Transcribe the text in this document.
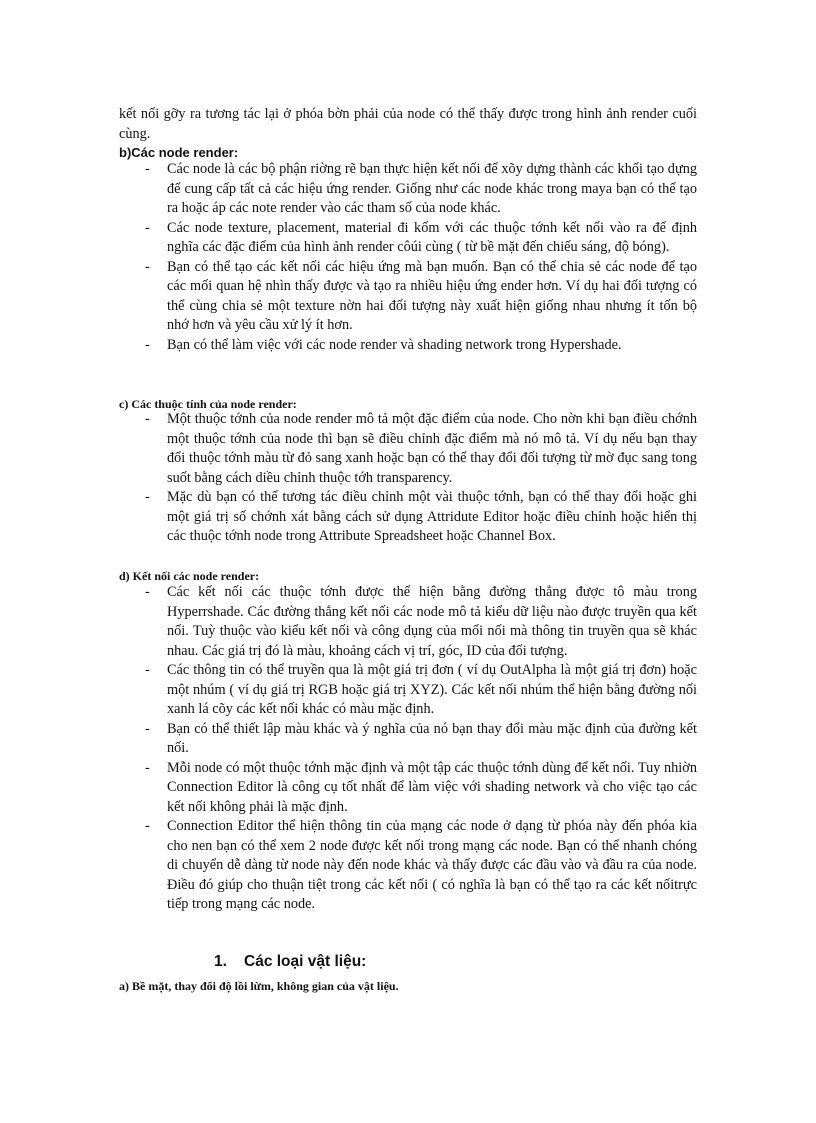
kết nối gỡy ra tương tác lại ở phóa bờn phải của node có thể thấy được trong hình ảnh render cuối cùng.

b)Các node render:

- Các node là các bộ phận riờng rẽ bạn thực hiện kết nối để xõy dựng thành các khối tạo dựng để cung cấp tất cả các hiệu ứng render. Giống như các node khác trong maya bạn có thể tạo ra hoặc áp các note render vào các tham số của node khác.
- Các node texture, placement, material đi kốm với các thuộc tớnh kết nối vào ra để định nghĩa các đặc điểm của hình ảnh render côúi cùng ( từ bề mặt đến chiếu sáng, độ bóng).
- Bạn có thể tạo các kết nối các hiệu ứng mà bạn muốn. Bạn có thể chia sẻ các node để tạo các mối quan hệ nhìn thấy được và tạo ra nhiều hiệu ứng ender hơn. Ví dụ hai đối tượng có thể cùng chia sẻ một texture nờn hai đối tượng này xuất hiện giống nhau nhưng ít tốn bộ nhớ hơn và yêu cầu xử lý ít hơn.
- Bạn có thể làm việc với các node render và shading network trong Hypershade.

c) Các thuộc tính của node render:

- Một thuộc tớnh của node render mô tả một đặc điểm của node. Cho nờn khi bạn điều chớnh một thuộc tớnh của node thì bạn sẽ điều chỉnh đặc điểm mà nó mô tả. Ví dụ nếu bạn thay đổi thuộc tớnh màu từ đỏ sang xanh hoặc bạn có thể thay đổi đối tượng từ mờ đục sang tong suốt bằng cách diều chỉnh thuộc tớh transparency.
- Mặc dù bạn có thể tương tác điều chỉnh một vài thuộc tớnh, bạn có thể thay đổi hoặc ghi một giá trị số chớnh xát bằng cách sử dụng Attridute Editor hoặc điều chỉnh hoặc hiển thị các thuộc tớnh node trong Attribute Spreadsheet hoặc Channel Box.

d) Kết nối các node render:

- Các kết nối các thuộc tớnh được thể hiện bằng đường thẳng được tô màu trong Hyperrshade. Các đường thẳng kết nối các node mô tả kiểu dữ liệu nào được truyền qua kết nối. Tuỳ thuộc vào kiểu kết nối và công dụng của mối nối mà thông tin truyền qua sẽ khác nhau. Các giá trị đó là màu, khoảng cách vị trí, góc, ID của đối tượng.
- Các thông tin có thể truyền qua là một giá trị đơn ( ví dụ OutAlpha là một giá trị đơn) hoặc một nhúm ( ví dụ giá trị RGB hoặc giá trị XYZ). Các kết nối nhúm thể hiện bằng đường nối xanh lá cõy các kết nối khác có màu mặc định.
- Bạn có thể thiết lập màu khác và ý nghĩa của nó bạn thay đổi màu mặc định của đường kết nối.
- Mỗi node có một thuộc tớnh mặc định và một tập các thuộc tớnh dùng để kết nối. Tuy nhiờn Connection Editor là công cụ tốt nhất để làm việc với shading network và cho việc tạo các kết nối không phải là mặc định.
- Connection Editor thể hiện thông tin của mạng các node ở dạng từ phóa này đến phóa kia cho nen bạn có thể xem 2 node được kết nối trong mạng các node. Bạn có thể nhanh chóng di chuyển dễ dàng từ node này đến node khác và thấy được các đầu vào và đầu ra của node. Điều đó giúp cho thuận tiệt trong các kết nối ( có nghĩa là bạn có thể tạo ra các kết nốitrực tiếp trong mạng các node.

1. Các loại vật liệu:

a) Bề mặt, thay đổi độ lồi lừm, không gian của vật liệu.
